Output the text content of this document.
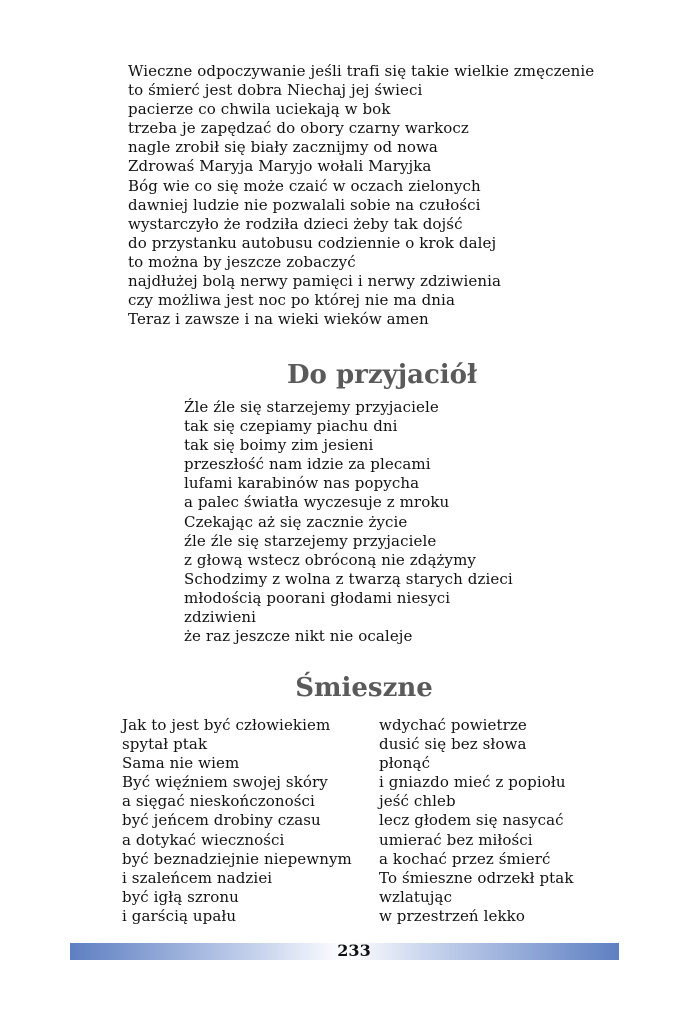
Wieczne odpoczywanie jeśli trafi się takie wielkie zmęczenie
to śmierć jest dobra Niechaj jej świeci
pacierze co chwila uciekają w bok
trzeba je zapędzać do obory czarny warkocz
nagle zrobił się biały zacznijmy od nowa
Zdrowaś Maryja Maryjo wołali Maryjka
Bóg wie co się może czaić w oczach zielonych
dawniej ludzie nie pozwalali sobie na czułości
wystarczyło że rodziła dzieci żeby tak dojść
do przystanku autobusu codziennie o krok dalej
to można by jeszcze zobaczyć
najdłużej bolą nerwy pamięci i nerwy zdziwienia
czy możliwa jest noc po której nie ma dnia
Teraz i zawsze i na wieki wieków amen
Do przyjaciół
Źle źle się starzejemy przyjaciele
tak się czepiamy piachu dni
tak się boimy zim jesieni
przeszłość nam idzie za plecami
lufami karabinów nas popycha
a palec światła wyczesuje z mroku
Czekając aż się zacznie życie
źle źle się starzejemy przyjaciele
z głową wstecz obróconą nie zdążymy
Schodzimy z wolna z twarzą starych dzieci
młodością poorani głodami niesyci
zdziwieni
że raz jeszcze nikt nie ocaleje
Śmieszne
Jak to jest być człowiekiem
spytał ptak
Sama nie wiem
Być więźniem swojej skóry
a sięgać nieskończoności
być jeńcem drobiny czasu
a dotykać wieczności
być beznadziejnie niepewnym
i szaleńcem nadziei
być igłą szronu
i garścią upału
wdychać powietrze
dusić się bez słowa
płonąć
i gniazdo mieć z popiołu
jeść chleb
lecz głodem się nasycać
umierać bez miłości
a kochać przez śmierć
To śmieszne odrzekł ptak
wzlatując
w przestrzeń lekko
233
